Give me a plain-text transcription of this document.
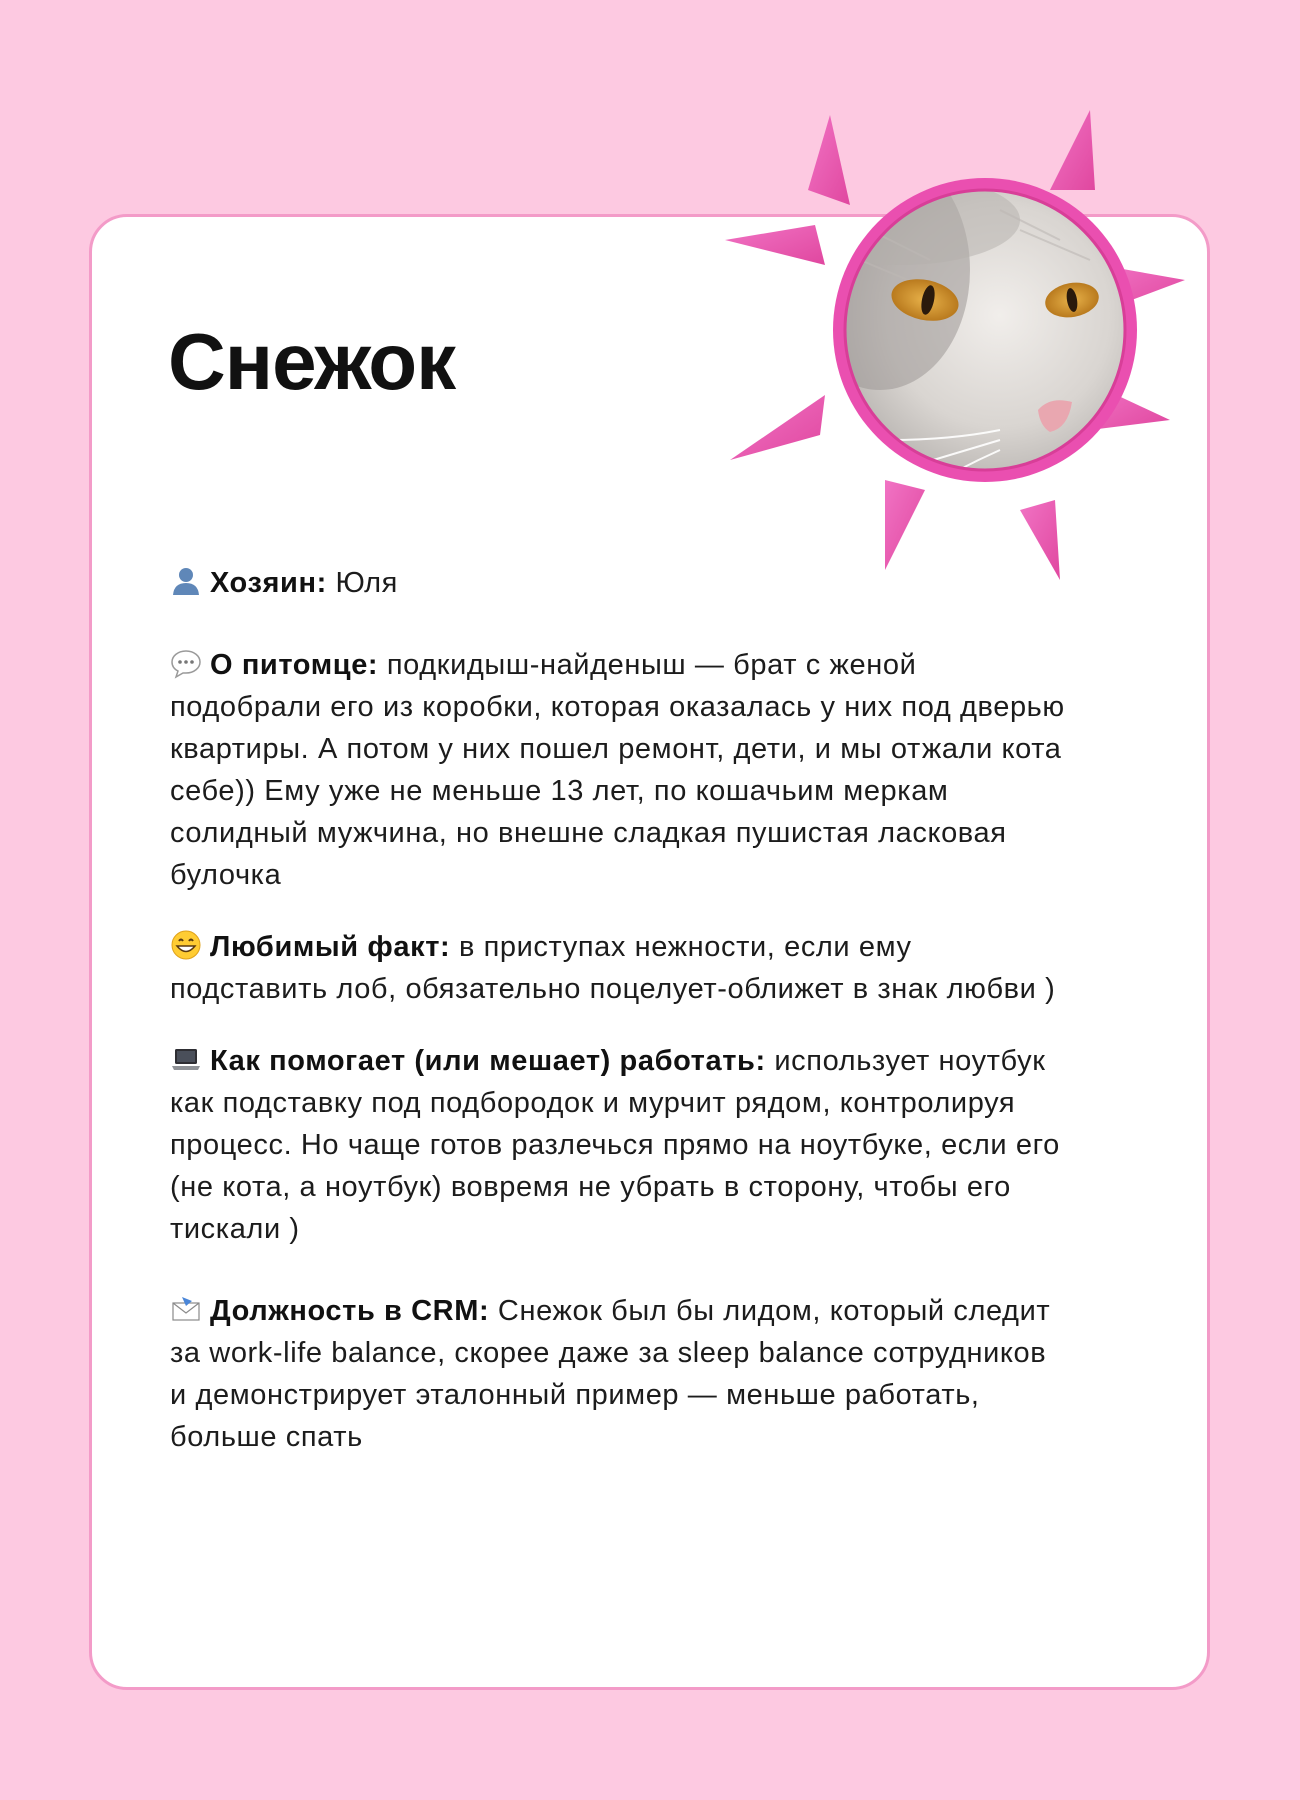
Снежок

Хозяин: Юля

О питомце: подкидыш-найденыш — брат с женой подобрали его из коробки, которая оказалась у них под дверью квартиры. А потом у них пошел ремонт, дети, и мы отжали кота себе)) Ему уже не меньше 13 лет, по кошачьим меркам солидный мужчина, но внешне сладкая пушистая ласковая булочка

Любимый факт: в приступах нежности, если ему подставить лоб, обязательно поцелует-оближет в знак любви )

Как помогает (или мешает) работать: использует ноутбук как подставку под подбородок и мурчит рядом, контролируя процесс. Но чаще готов разлечься прямо на ноутбуке, если его (не кота, а ноутбук) вовремя не убрать в сторону, чтобы его тискали )

Должность в CRM: Снежок был бы лидом, который следит за work-life balance, скорее даже за sleep balance сотрудников и демонстрирует эталонный пример — меньше работать, больше спать
